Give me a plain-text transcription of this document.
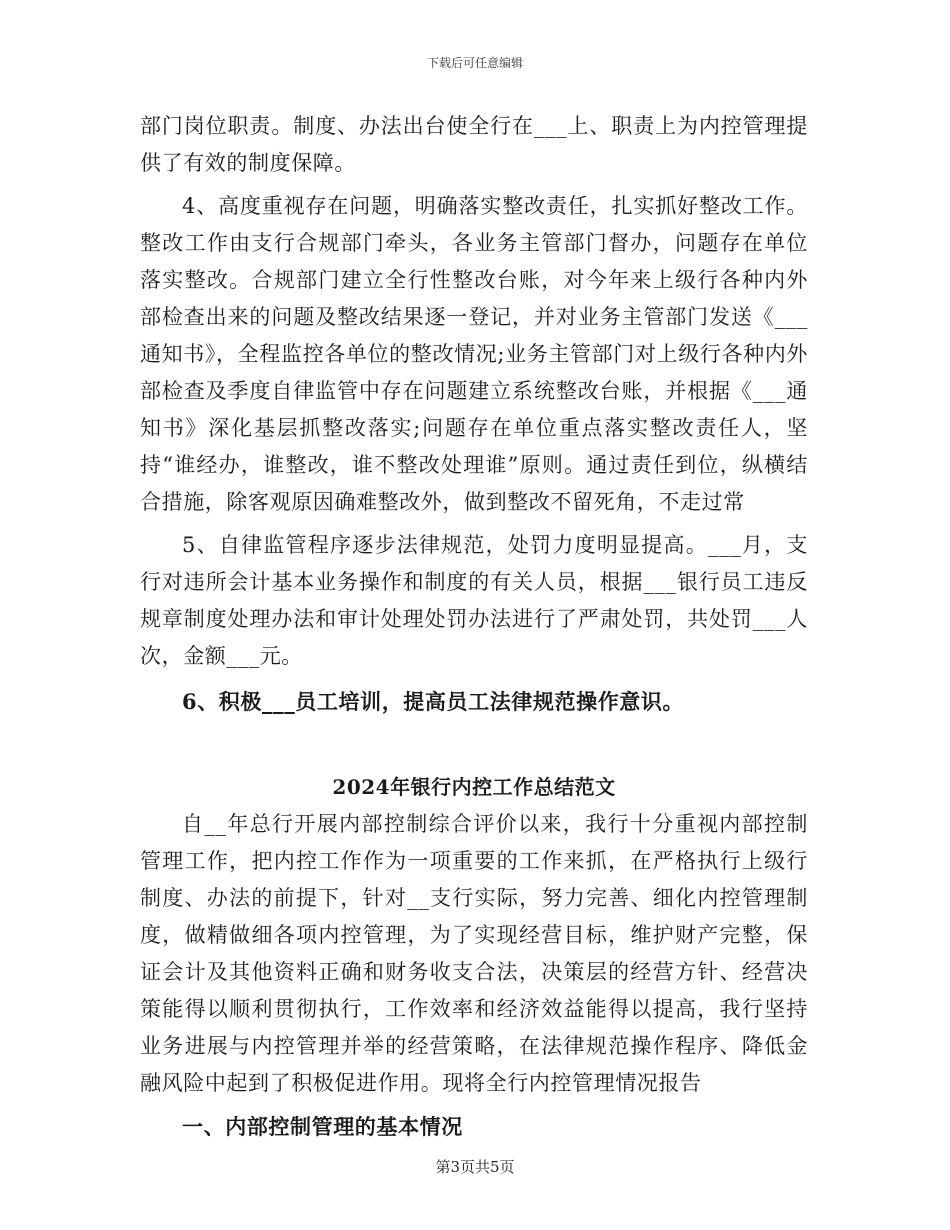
下载后可任意编辑

部门岗位职责。制度、办法出台使全行在___上、职责上为内控管理提供了有效的制度保障。

4、高度重视存在问题，明确落实整改责任，扎实抓好整改工作。整改工作由支行合规部门牵头，各业务主管部门督办，问题存在单位落实整改。合规部门建立全行性整改台账，对今年来上级行各种内外部检查出来的问题及整改结果逐一登记，并对业务主管部门发送《___通知书》，全程监控各单位的整改情况;业务主管部门对上级行各种内外部检查及季度自律监管中存在问题建立系统整改台账，并根据《___通知书》深化基层抓整改落实;问题存在单位重点落实整改责任人，坚持“谁经办，谁整改，谁不整改处理谁”原则。通过责任到位，纵横结合措施，除客观原因确难整改外，做到整改不留死角，不走过常

5、自律监管程序逐步法律规范，处罚力度明显提高。___月，支行对违所会计基本业务操作和制度的有关人员，根据___银行员工违反规章制度处理办法和审计处理处罚办法进行了严肃处罚，共处罚___人次，金额___元。

6、积极___员工培训，提高员工法律规范操作意识。

2024年银行内控工作总结范文

自__年总行开展内部控制综合评价以来，我行十分重视内部控制管理工作，把内控工作作为一项重要的工作来抓，在严格执行上级行制度、办法的前提下，针对__支行实际，努力完善、细化内控管理制度，做精做细各项内控管理，为了实现经营目标，维护财产完整，保证会计及其他资料正确和财务收支合法，决策层的经营方针、经营决策能得以顺利贯彻执行，工作效率和经济效益能得以提高，我行坚持业务进展与内控管理并举的经营策略，在法律规范操作程序、降低金融风险中起到了积极促进作用。现将全行内控管理情况报告

一、内部控制管理的基本情况

第3页共5页
